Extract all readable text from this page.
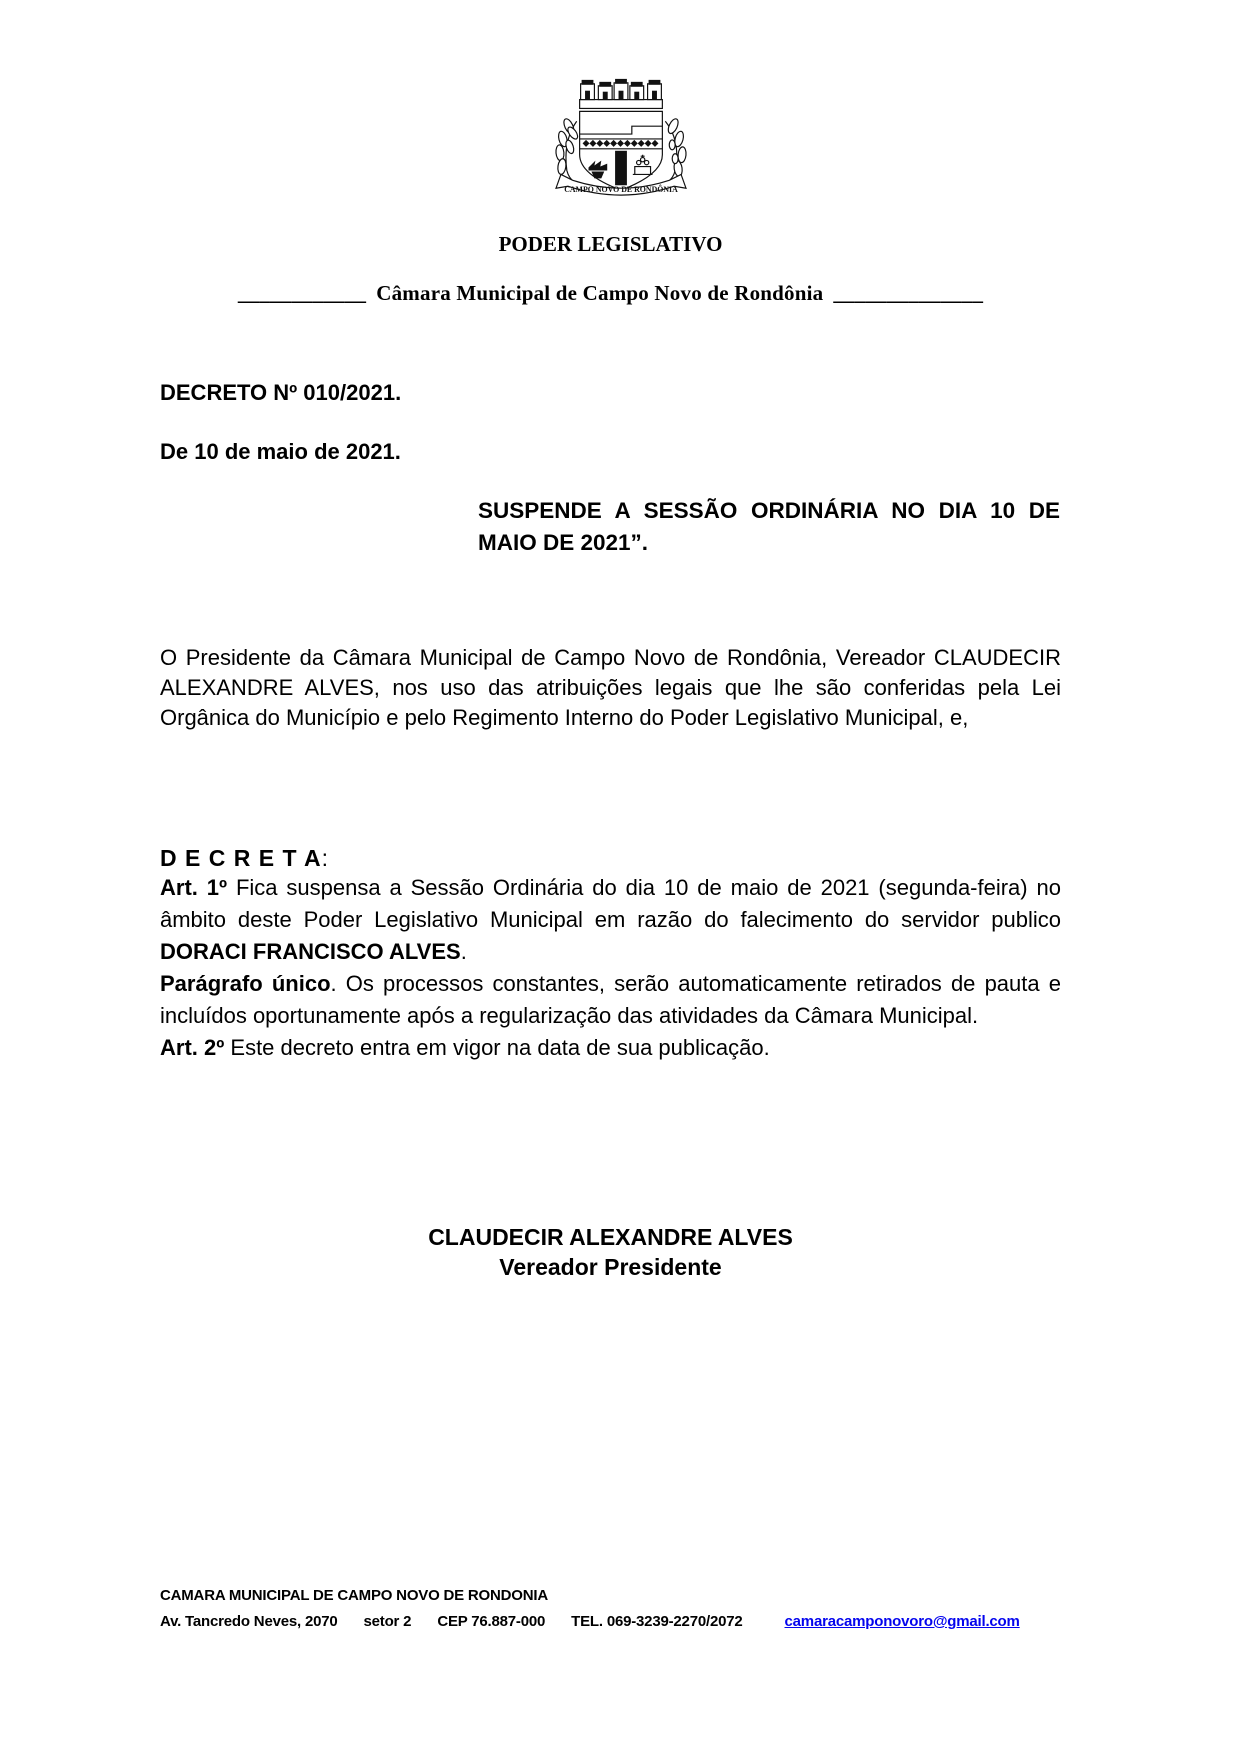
CAMPO NOVO DE RONDÔNIA
PODER LEGISLATIVO
____________ Câmara Municipal de Campo Novo de Rondônia ______________
DECRETO Nº 010/2021.
De 10 de maio de 2021.
SUSPENDE A SESSÃO ORDINÁRIA NO DIA 10 DE MAIO DE 2021”.

O Presidente da Câmara Municipal de Campo Novo de Rondônia, Vereador CLAUDECIR ALEXANDRE ALVES, nos uso das atribuições legais que lhe são conferidas pela Lei Orgânica do Município e pelo Regimento Interno do Poder Legislativo Municipal, e,

D E C R E T A:

Art. 1º Fica suspensa a Sessão Ordinária do dia 10 de maio de 2021 (segunda-feira) no âmbito deste Poder Legislativo Municipal em razão do falecimento do servidor publico DORACI FRANCISCO ALVES.

Parágrafo único. Os processos constantes, serão automaticamente retirados de pauta e incluídos oportunamente após a regularização das atividades da Câmara Municipal.

Art. 2º Este decreto entra em vigor na data de sua publicação.

CLAUDECIR ALEXANDRE ALVES
Vereador Presidente
CAMARA MUNICIPAL DE CAMPO NOVO DE RONDONIA
Av. Tancredo Neves, 2070 setor 2 CEP 76.887-000 TEL. 069-3239-2270/2072	camaracamponovoro@gmail.com
